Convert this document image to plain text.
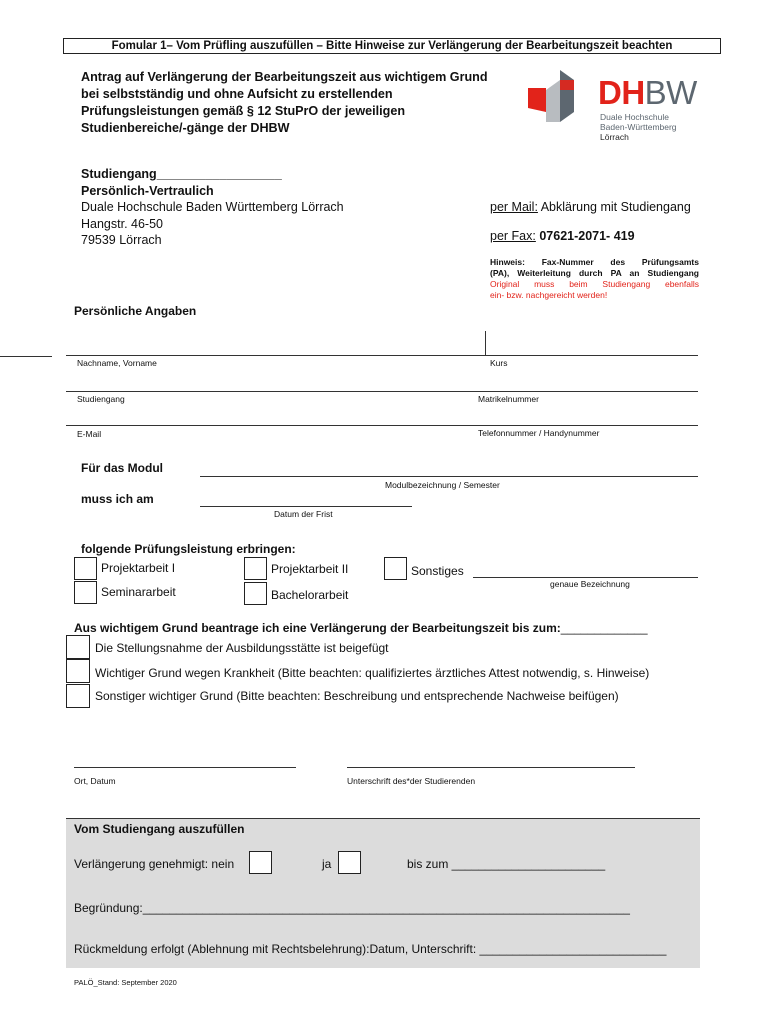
Fomular 1– Vom Prüfling auszufüllen – Bitte Hinweise zur Verlängerung der Bearbeitungszeit beachten
Antrag auf Verlängerung der Bearbeitungszeit aus wichtigem Grund
bei selbstständig und ohne Aufsicht zu erstellenden
Prüfungsleistungen gemäß § 12 StuPrO der jeweiligen
Studienbereiche/-gänge der DHBW
DHBW
Duale Hochschule
Baden-Württemberg
Lörrach
Studiengang__________________
Persönlich-Vertraulich
Duale Hochschule Baden Württemberg Lörrach
Hangstr. 46-50
79539 Lörrach
per Mail: Abklärung mit Studiengang
per Fax: 07621-2071- 419
Hinweis: Fax-Nummer des Prüfungsamts
(PA), Weiterleitung durch PA an Studiengang
Original muss beim Studiengang ebenfalls
ein- bzw. nachgereicht werden!
Persönliche Angaben
Nachname, Vorname	Kurs
Studiengang	Matrikelnummer
E-Mail	Telefonnummer / Handynummer
Für das Modul
Modulbezeichnung / Semester
muss ich am
Datum der Frist
folgende Prüfungsleistung erbringen:
Projektarbeit I	Projektarbeit II	Sonstiges
genaue Bezeichnung
Seminararbeit	Bachelorarbeit
Aus wichtigem Grund beantrage ich eine Verlängerung der Bearbeitungszeit bis zum:_____________
Die Stellungsnahme der Ausbildungsstätte ist beigefügt
Wichtiger Grund wegen Krankheit (Bitte beachten: qualifiziertes ärztliches Attest notwendig, s. Hinweise)
Sonstiger wichtiger Grund (Bitte beachten: Beschreibung und entsprechende Nachweise beifügen)
Ort, Datum	Unterschrift des*der Studierenden
Vom Studiengang auszufüllen
Verlängerung genehmigt: nein	ja	bis zum _______________________
Begründung:_________________________________________________________________________
Rückmeldung erfolgt (Ablehnung mit Rechtsbelehrung):Datum, Unterschrift: ____________________________
PALÖ_Stand: September 2020
